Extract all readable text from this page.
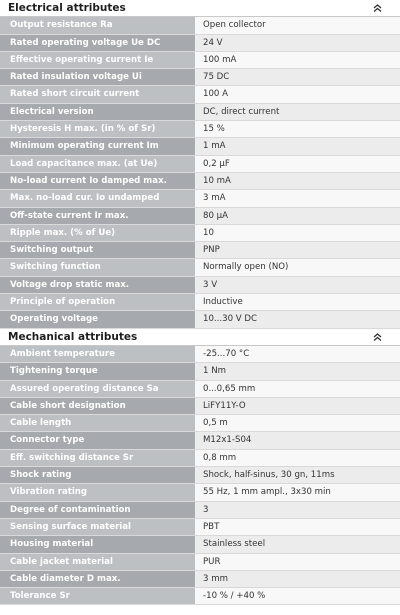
Electrical attributes
Output resistance Ra	Open collector
Rated operating voltage Ue DC	24 V
Effective operating current Ie	100 mA
Rated insulation voltage Ui	75 DC
Rated short circuit current	100 A
Electrical version	DC, direct current
Hysteresis H max. (in % of Sr)	15 %
Minimum operating current Im	1 mA
Load capacitance max. (at Ue)	0,2 µF
No-load current Io damped max.	10 mA
Max. no-load cur. Io undamped	3 mA
Off-state current Ir max.	80 µA
Ripple max. (% of Ue)	10
Switching output	PNP
Switching function	Normally open (NO)
Voltage drop static max.	3 V
Principle of operation	Inductive
Operating voltage	10...30 V DC
Mechanical attributes
Ambient temperature	-25...70 °C
Tightening torque	1 Nm
Assured operating distance Sa	0...0,65 mm
Cable short designation	LiFY11Y-O
Cable length	0,5 m
Connector type	M12x1-S04
Eff. switching distance Sr	0,8 mm
Shock rating	Shock, half-sinus, 30 gn, 11ms
Vibration rating	55 Hz, 1 mm ampl., 3x30 min
Degree of contamination	3
Sensing surface material	PBT
Housing material	Stainless steel
Cable jacket material	PUR
Cable diameter D max.	3 mm
Tolerance Sr	-10 % / +40 %
